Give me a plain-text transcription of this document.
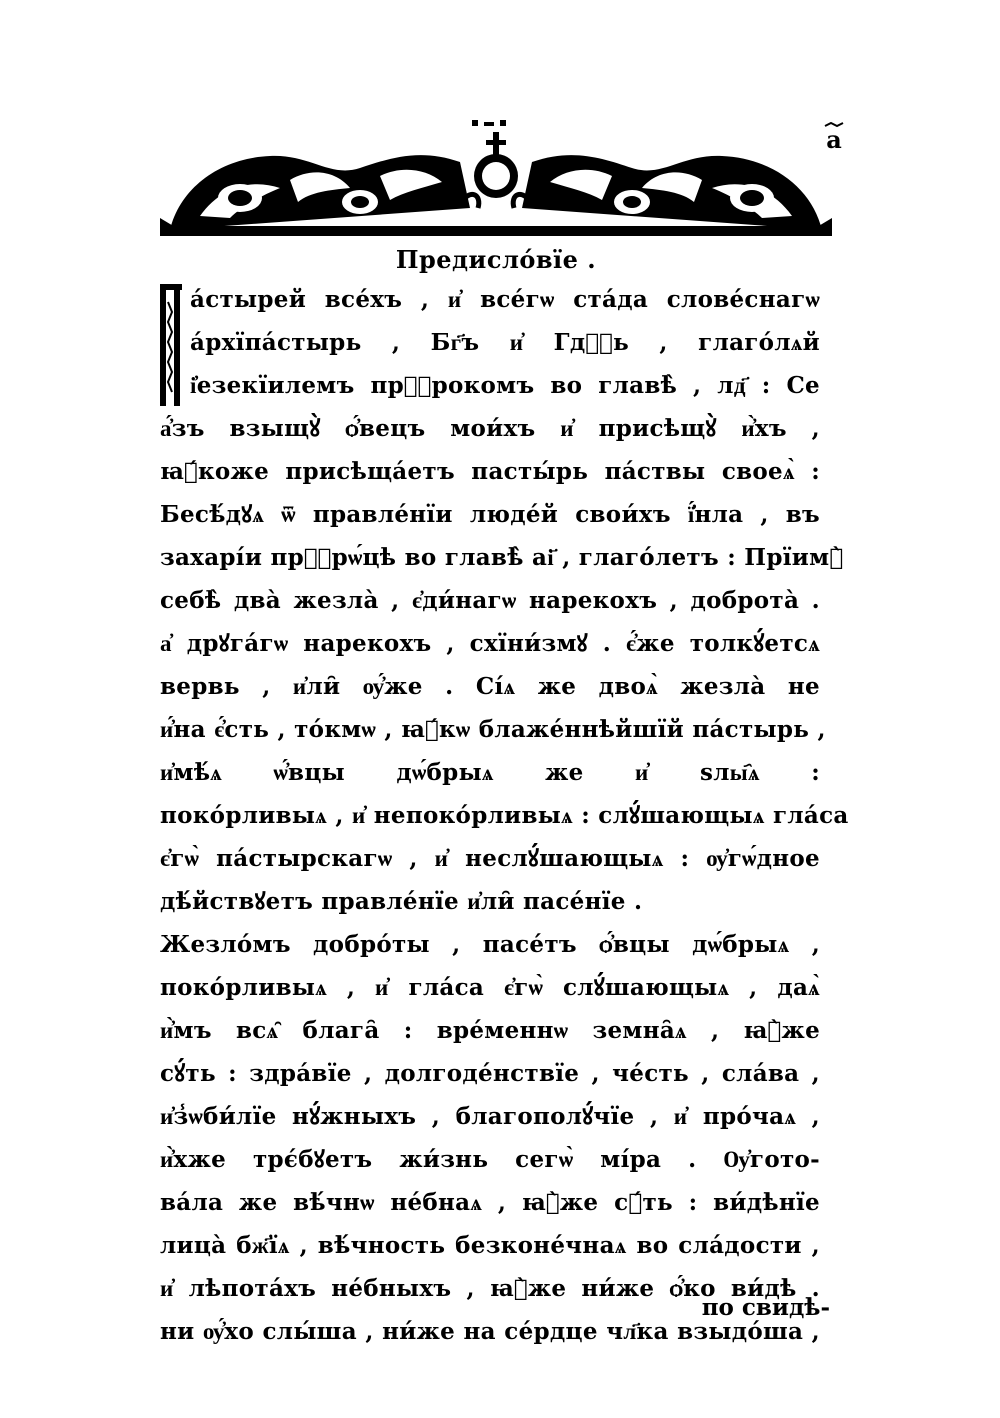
а
Предисло́вїе .
а́стырей все́хъ , и҆ все́гѡ ста́да слове́снагѡ
а́рхїпа́стырь , Бг҃ъ и҆ Гдⷭ҇ь , глаго́лѧй
і҆езекїилемъ прⷪ҇рокомъ во главѣ̀ , лд҃ : Се
а҆́зъ взыщꙋ̀ ѻ҆́вецъ мои́хъ и҆ присѣщꙋ̀ и҆̀хъ ,
ꙗ҆́коже присѣща́етъ пасты́рь па́ствы своеѧ̀ :
Бесѣ́дꙋѧ ѿ правле́нїи люде́й свои́хъ ї҆́нла , въ
захарі́и прⷪ҇рѡ́цѣ во главѣ̀ аі҃ , глаго́летъ : Прїимꙋ̀
себѣ̀ два̀ жезла̀ , є҆ди́нагѡ нарекохъ , доброта̀ .
а҆ дрꙋга́гѡ нарекохъ , схїни́змꙋ . є҆́же толкꙋ́етсѧ
вервь , и҆ли̑ ѹ҆́же . Сі́ѧ же двоѧ̀ жезла̀ не
и҆́на є҆́сть , то́кмѡ , ꙗ҆́кѡ блаже́ннѣйшїй па́стырь ,
и҆мѣ́ѧ ѡ҆́вцы дѡ́брыѧ же и҆ ѕлы҄ѧ :
поко́рливыѧ , и҆ непоко́рливыѧ : слꙋ́шающыѧ гла́са
є҆гѡ̀ па́стырскагѡ , и҆ неслꙋ́шающыѧ : ѹ҆гѡ́дное
дѣ́йствꙋетъ правле́нїе и҆ли̑ пасе́нїе .
Жезло́мъ добро́ты , пасе́тъ ѻ҆́вцы дѡ́брыѧ ,
поко́рливыѧ , и҆ гла́са є҆гѡ̀ слꙋ́шающыѧ , даѧ̀
и҆̀мъ всѧ̑ блага̑ : вре́меннѡ земна̑ѧ , ꙗ҆̀же
сꙋ́ть : здра́вїе , долгоде́нствїе , че́сть , сла́ва ,
и҆з̾ѡби́лїе нꙋ́жныхъ , благополꙋ́чїе , и҆ про́чаѧ ,
и҆̀хже трє́бꙋетъ жи́знь сегѡ̀ мі́ра . Ѹ҆гото-
ва́ла же вѣ́чнѡ не́бнаѧ , ꙗ҆̀же сꙋ́ть : ви́дѣнїе
лица̀ бж҃їѧ , вѣ́чность безконе́чнаѧ во сла́дости ,
и҆ лѣпота́хъ не́бныхъ , ꙗ҆̀же ни́же ѻ҆́ко ви́дѣ .
ни ѹ҆́хо слы́ша , ни́же на се́рдце чл҃ка взыдо́ша ,
по свидѣ-
